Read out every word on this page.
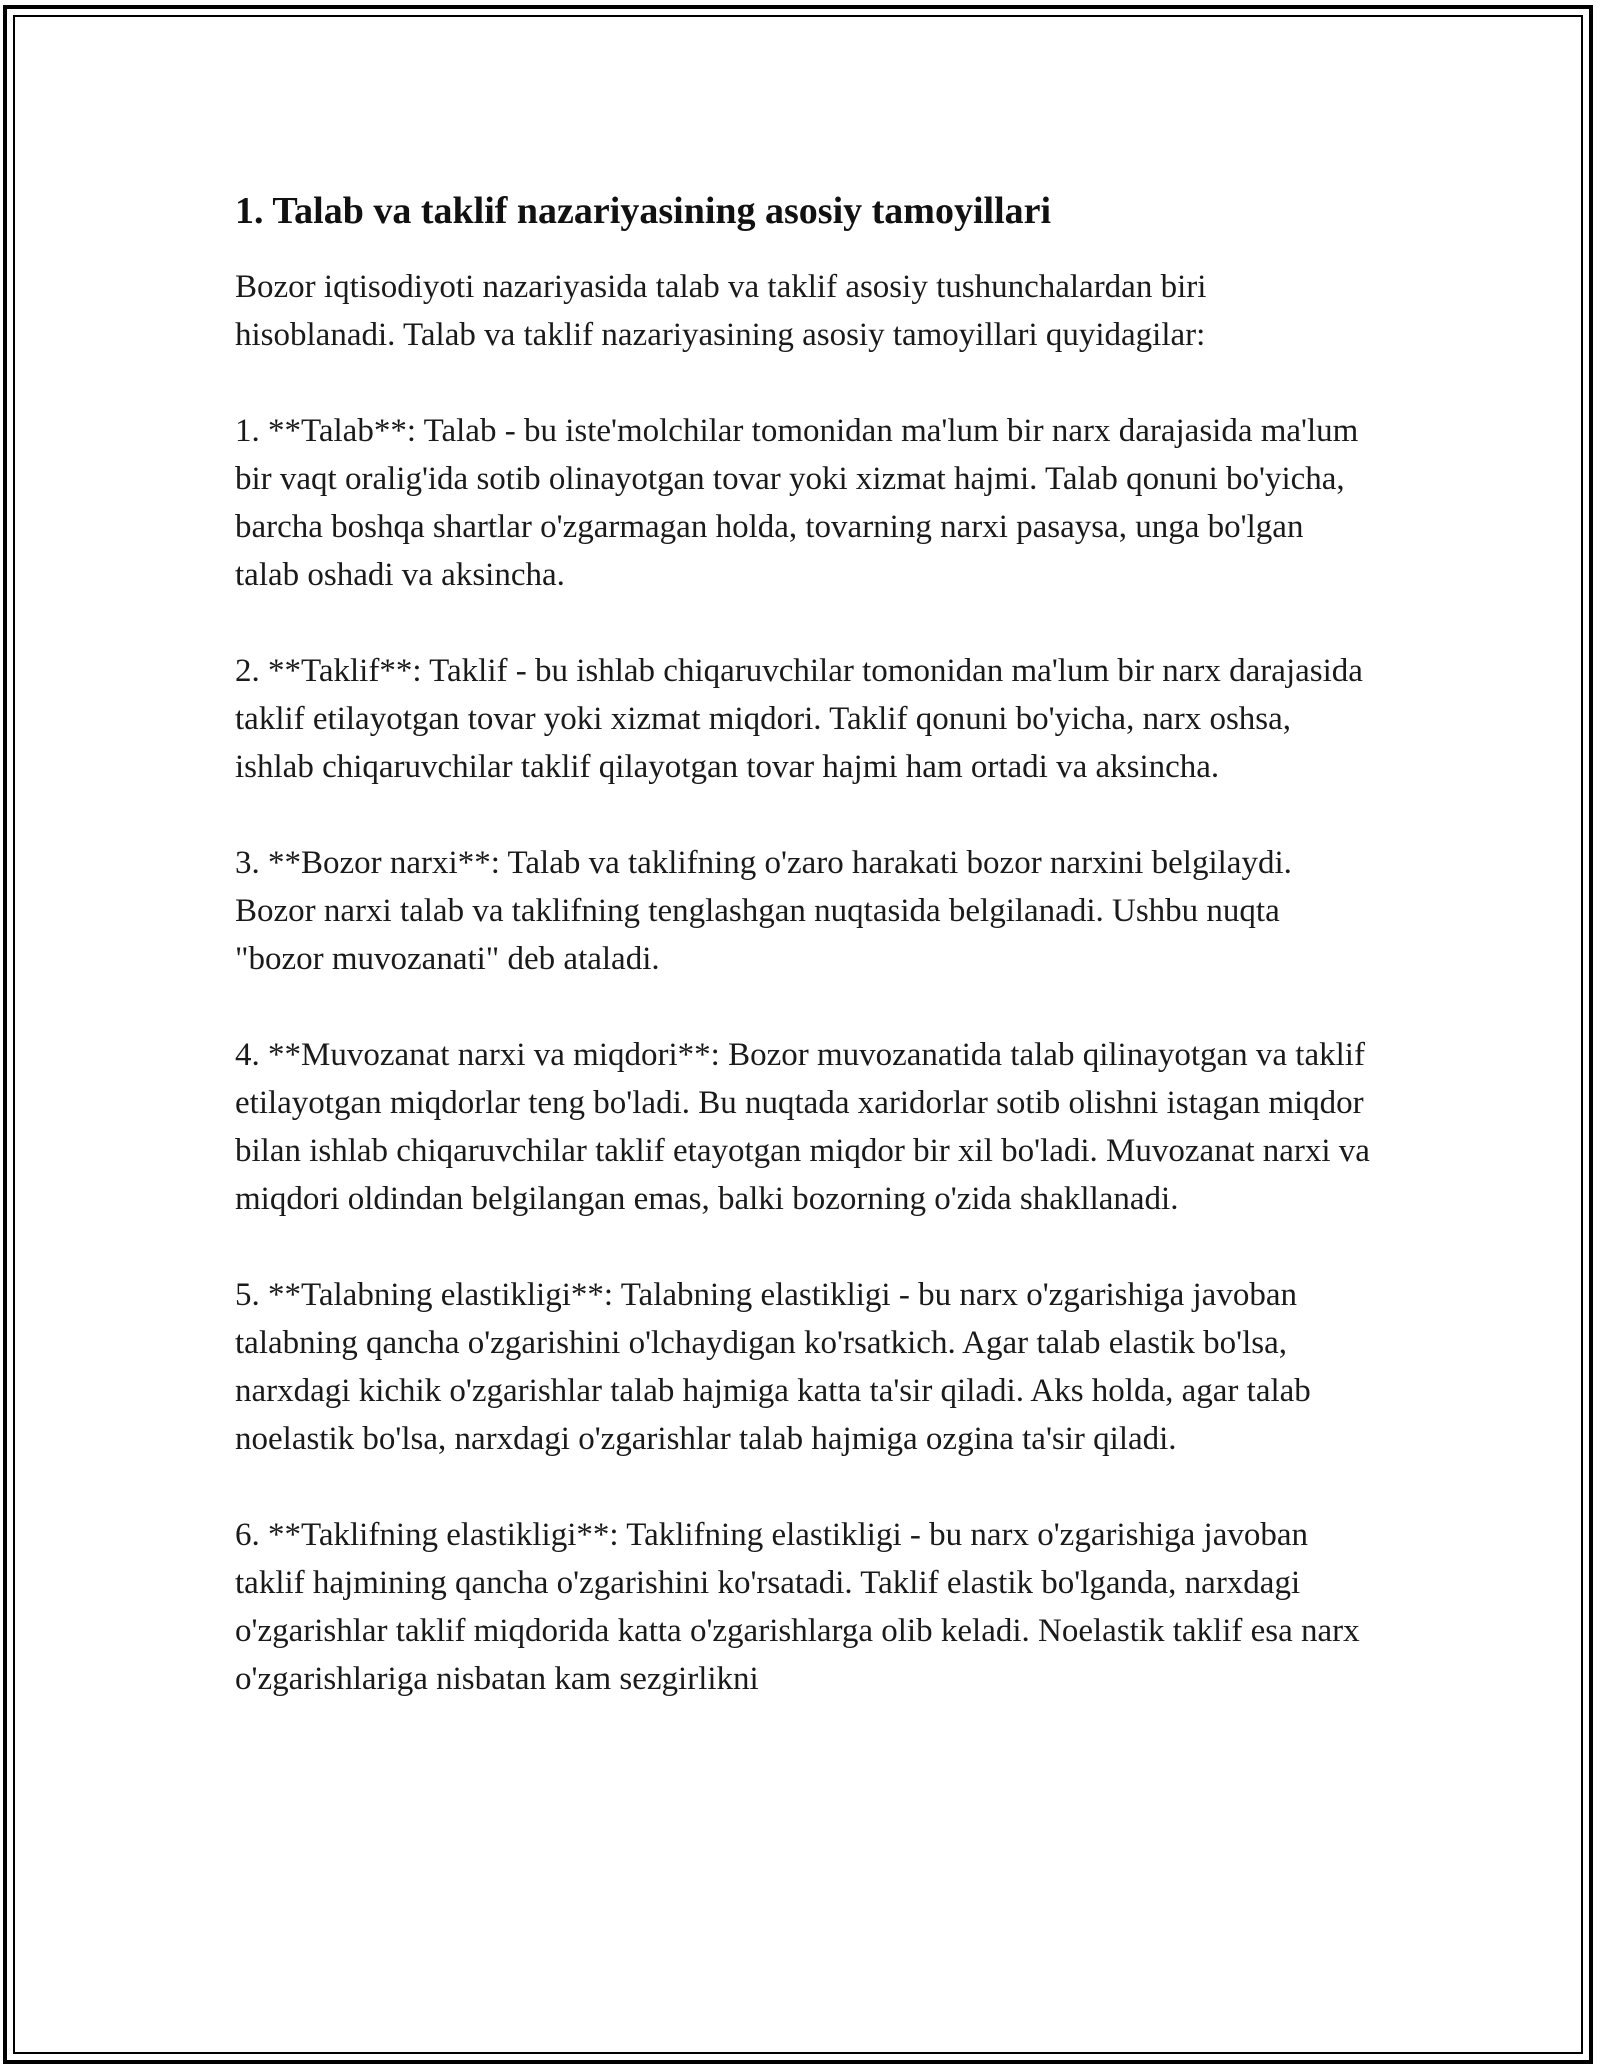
1. Talab va taklif nazariyasining asosiy tamoyillari

Bozor iqtisodiyoti nazariyasida talab va taklif asosiy tushunchalardan biri hisoblanadi. Talab va taklif nazariyasining asosiy tamoyillari quyidagilar:

1. **Talab**: Talab - bu iste'molchilar tomonidan ma'lum bir narx darajasida ma'lum bir vaqt oralig'ida sotib olinayotgan tovar yoki xizmat hajmi. Talab qonuni bo'yicha, barcha boshqa shartlar o'zgarmagan holda, tovarning narxi pasaysa, unga bo'lgan talab oshadi va aksincha.

2. **Taklif**: Taklif - bu ishlab chiqaruvchilar tomonidan ma'lum bir narx darajasida taklif etilayotgan tovar yoki xizmat miqdori. Taklif qonuni bo'yicha, narx oshsa, ishlab chiqaruvchilar taklif qilayotgan tovar hajmi ham ortadi va aksincha.

3. **Bozor narxi**: Talab va taklifning o'zaro harakati bozor narxini belgilaydi. Bozor narxi talab va taklifning tenglashgan nuqtasida belgilanadi. Ushbu nuqta "bozor muvozanati" deb ataladi.

4. **Muvozanat narxi va miqdori**: Bozor muvozanatida talab qilinayotgan va taklif etilayotgan miqdorlar teng bo'ladi. Bu nuqtada xaridorlar sotib olishni istagan miqdor bilan ishlab chiqaruvchilar taklif etayotgan miqdor bir xil bo'ladi. Muvozanat narxi va miqdori oldindan belgilangan emas, balki bozorning o'zida shakllanadi.

5. **Talabning elastikligi**: Talabning elastikligi - bu narx o'zgarishiga javoban talabning qancha o'zgarishini o'lchaydigan ko'rsatkich. Agar talab elastik bo'lsa, narxdagi kichik o'zgarishlar talab hajmiga katta ta'sir qiladi. Aks holda, agar talab noelastik bo'lsa, narxdagi o'zgarishlar talab hajmiga ozgina ta'sir qiladi.

6. **Taklifning elastikligi**: Taklifning elastikligi - bu narx o'zgarishiga javoban taklif hajmining qancha o'zgarishini ko'rsatadi. Taklif elastik bo'lganda, narxdagi o'zgarishlar taklif miqdorida katta o'zgarishlarga olib keladi. Noelastik taklif esa narx o'zgarishlariga nisbatan kam sezgirlikni
